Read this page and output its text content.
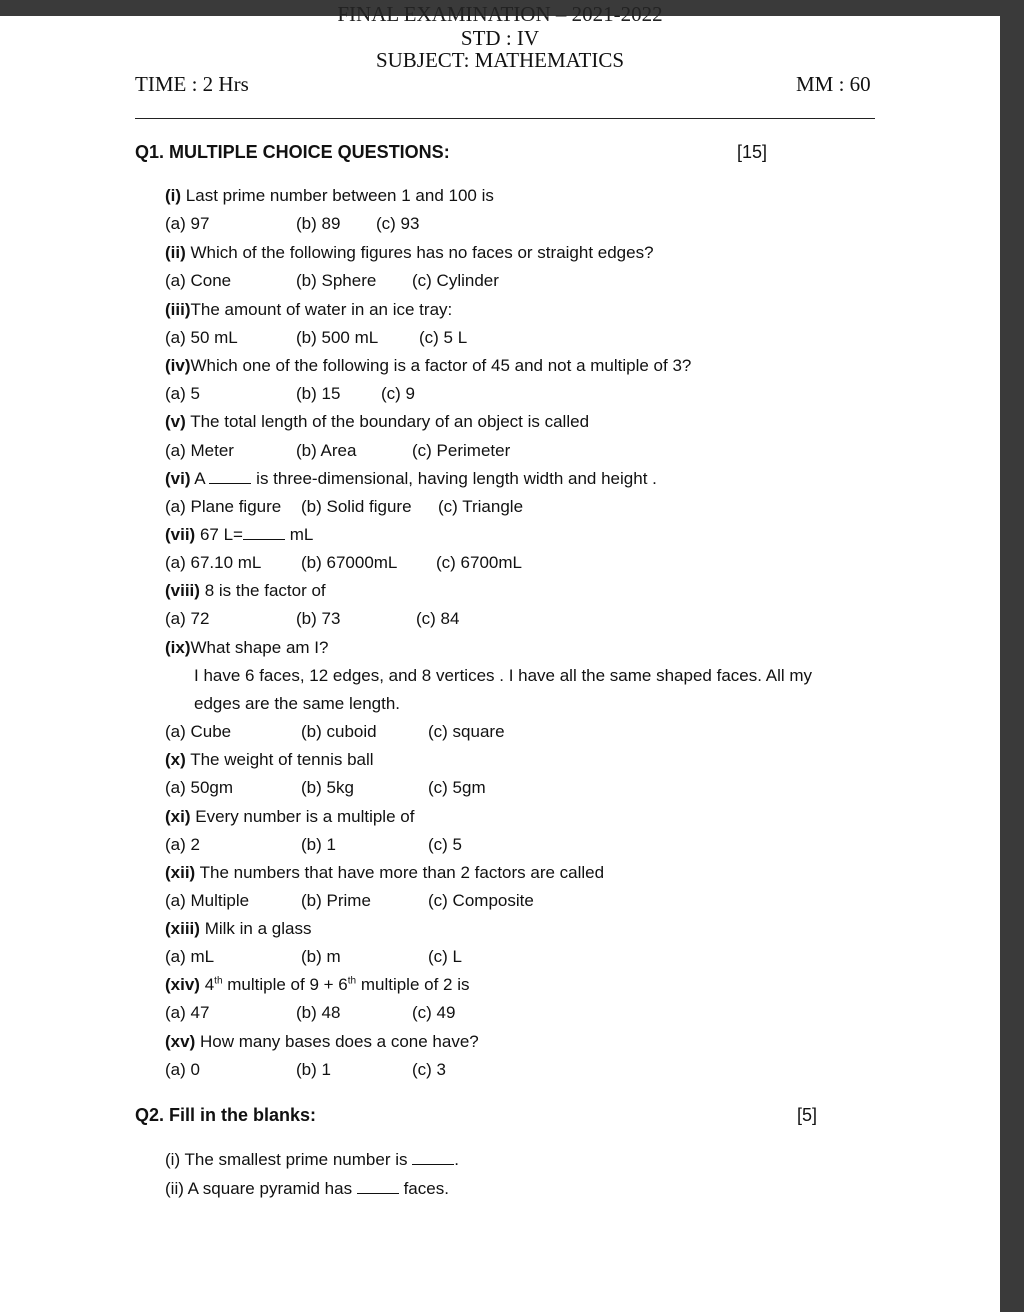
FINAL EXAMINATION – 2021-2022
STD : IV
SUBJECT: MATHEMATICS
TIME : 2 Hrs	MM : 60
Q1. MULTIPLE CHOICE QUESTIONS:	[15]
(i) Last prime number between 1 and 100 is
(a) 97	(b) 89 (c) 93
(ii) Which of the following figures has no faces or straight edges?
(a) Cone	(b) Sphere (c) Cylinder
(iii)The amount of water in an ice tray:
(a) 50 mL	(b) 500 mL (c) 5 L
(iv)Which one of the following is a factor of 45 and not a multiple of 3?
(a) 5	(b) 15 (c) 9
(v) The total length of the boundary of an object is called
(a) Meter	(b) Area	(c) Perimeter
(vi) A	is three-dimensional, having length width and height .
(a) Plane figure (b) Solid figure (c) Triangle
(vii) 67 L=	mL
(a) 67.10 mL (b) 67000mL (c) 6700mL
(viii) 8 is the factor of
(a) 72	(b) 73	(c) 84
(ix)What shape am I?
I have 6 faces, 12 edges, and 8 vertices . I have all the same shaped faces. All my
edges are the same length.
(a) Cube	(b) cuboid	(c) square
(x) The weight of tennis ball
(a) 50gm	(b) 5kg	(c) 5gm
(xi) Every number is a multiple of
(a) 2	(b) 1	(c) 5
(xii) The numbers that have more than 2 factors are called
(a) Multiple	(b) Prime	(c) Composite
(xiii) Milk in a glass
(a) mL	(b) m	(c) L
(xiv) 4th multiple of 9 + 6th multiple of 2 is
(a) 47	(b) 48	(c) 49
(xv) How many bases does a cone have?
(a) 0	(b) 1	(c) 3
Q2. Fill in the blanks:	[5]
(i) The smallest prime number is	.
(ii) A square pyramid has	faces.
